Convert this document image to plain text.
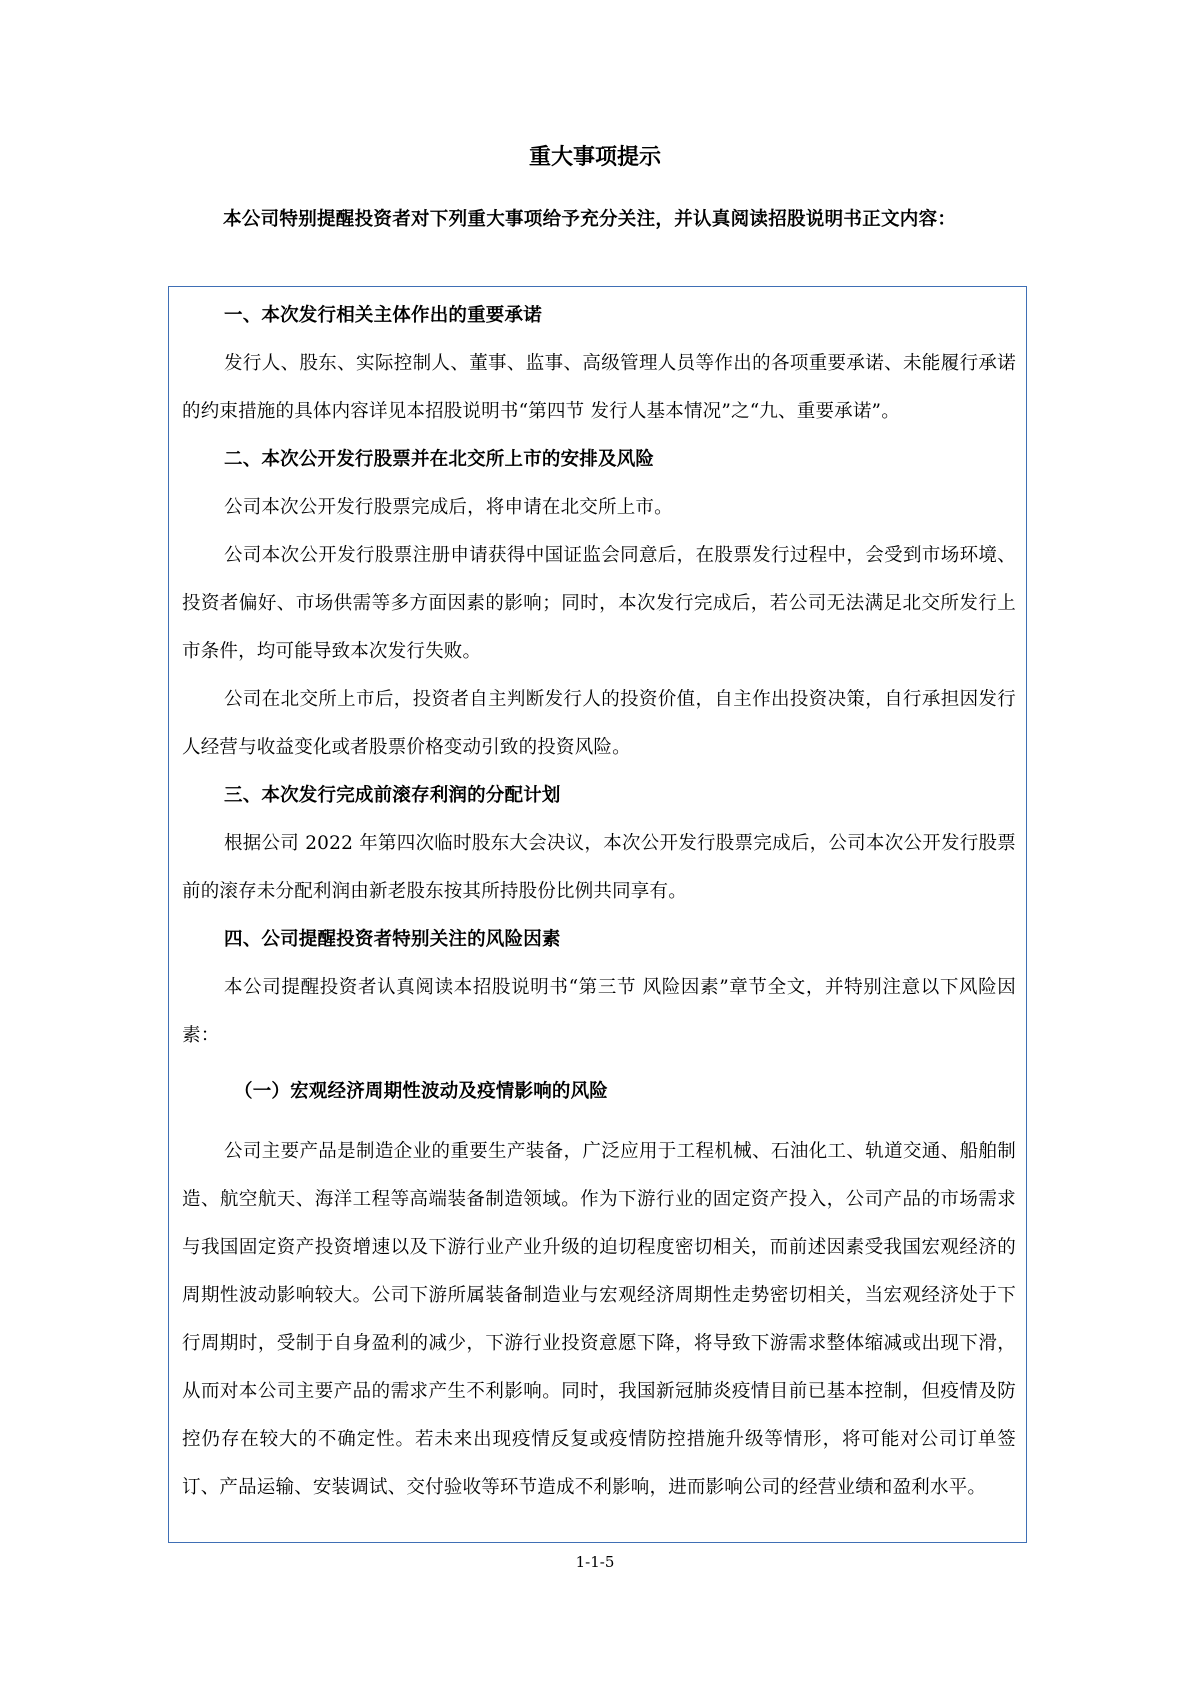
重大事项提示
本公司特别提醒投资者对下列重大事项给予充分关注，并认真阅读招股说明书正文内容：
一、本次发行相关主体作出的重要承诺

发行人、股东、实际控制人、董事、监事、高级管理人员等作出的各项重要承诺、未能履行承诺的约束措施的具体内容详见本招股说明书“第四节 发行人基本情况”之“九、重要承诺”。

二、本次公开发行股票并在北交所上市的安排及风险

公司本次公开发行股票完成后，将申请在北交所上市。

公司本次公开发行股票注册申请获得中国证监会同意后，在股票发行过程中，会受到市场环境、投资者偏好、市场供需等多方面因素的影响；同时，本次发行完成后，若公司无法满足北交所发行上市条件，均可能导致本次发行失败。

公司在北交所上市后，投资者自主判断发行人的投资价值，自主作出投资决策，自行承担因发行人经营与收益变化或者股票价格变动引致的投资风险。

三、本次发行完成前滚存利润的分配计划

根据公司 2022 年第四次临时股东大会决议，本次公开发行股票完成后，公司本次公开发行股票前的滚存未分配利润由新老股东按其所持股份比例共同享有。

四、公司提醒投资者特别关注的风险因素

本公司提醒投资者认真阅读本招股说明书“第三节 风险因素”章节全文，并特别注意以下风险因素：

（一）宏观经济周期性波动及疫情影响的风险

公司主要产品是制造企业的重要生产装备，广泛应用于工程机械、石油化工、轨道交通、船舶制造、航空航天、海洋工程等高端装备制造领域。作为下游行业的固定资产投入，公司产品的市场需求与我国固定资产投资增速以及下游行业产业升级的迫切程度密切相关，而前述因素受我国宏观经济的周期性波动影响较大。公司下游所属装备制造业与宏观经济周期性走势密切相关，当宏观经济处于下行周期时，受制于自身盈利的减少，下游行业投资意愿下降，将导致下游需求整体缩减或出现下滑，从而对本公司主要产品的需求产生不利影响。同时，我国新冠肺炎疫情目前已基本控制，但疫情及防控仍存在较大的不确定性。若未来出现疫情反复或疫情防控措施升级等情形，将可能对公司订单签订、产品运输、安装调试、交付验收等环节造成不利影响，进而影响公司的经营业绩和盈利水平。

1-1-5
